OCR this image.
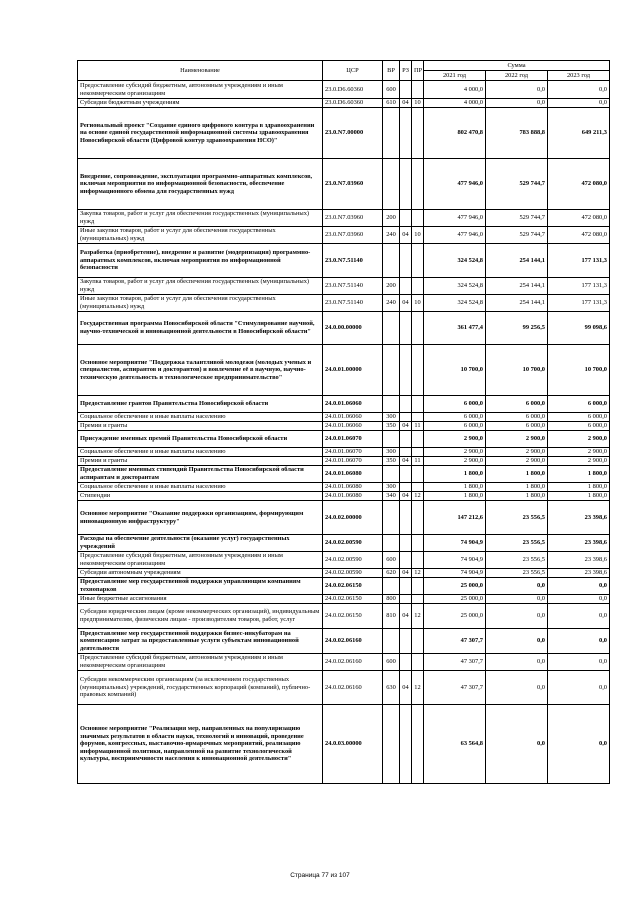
Наименование	ЦСР	ВР	РЗ	ПР	Сумма		
					2021 год	2022 год	2023 год
Предоставление субсидий бюджетным, автономным учреждениям и иным некоммерческим организациям	23.0.D6.60360	600			4 000,0	0,0	0,0
Субсидии бюджетным учреждениям	23.0.D6.60360	610	04	10	4 000,0	0,0	0,0
Региональный проект "Создание единого цифрового контура в здравоохранении на основе единой государственной информационной системы здравоохранения Новосибирской области (Цифровой контур здравоохранения НСО)"	23.0.N7.00000				802 470,8	783 888,8	649 211,3
Внедрение, сопровождение, эксплуатация программно-аппаратных комплексов, включая мероприятия по информационной безопасности, обеспечение информационного обмена для государственных нужд	23.0.N7.03960				477 946,0	529 744,7	472 080,0
Закупка товаров, работ и услуг для обеспечения государственных (муниципальных) нужд	23.0.N7.03960	200			477 946,0	529 744,7	472 080,0
Иные закупки товаров, работ и услуг для обеспечения государственных (муниципальных) нужд	23.0.N7.03960	240	04	10	477 946,0	529 744,7	472 080,0
Разработка (приобретение), внедрение и развитие (модернизация) программно-аппаратных комплексов, включая мероприятия по информационной безопасности	23.0.N7.51140				324 524,8	254 144,1	177 131,3
Закупка товаров, работ и услуг для обеспечения государственных (муниципальных) нужд	23.0.N7.51140	200			324 524,8	254 144,1	177 131,3
Иные закупки товаров, работ и услуг для обеспечения государственных (муниципальных) нужд	23.0.N7.51140	240	04	10	324 524,8	254 144,1	177 131,3
Государственная программа Новосибирской области "Стимулирование научной, научно-технической и инновационной деятельности в Новосибирской области"	24.0.00.00000				361 477,4	99 256,5	99 098,6
Основное мероприятие "Поддержка талантливой молодежи (молодых ученых и специалистов, аспирантов и докторантов) и вовлечение её в научную, научно-техническую деятельность и технологическое предпринимательство"	24.0.01.00000				10 700,0	10 700,0	10 700,0
Предоставление грантов Правительства Новосибирской области	24.0.01.06060				6 000,0	6 000,0	6 000,0
Социальное обеспечение и иные выплаты населению	24.0.01.06060	300			6 000,0	6 000,0	6 000,0
Премии и гранты	24.0.01.06060	350	04	11	6 000,0	6 000,0	6 000,0
Присуждение именных премий Правительства Новосибирской области	24.0.01.06070				2 900,0	2 900,0	2 900,0
Социальное обеспечение и иные выплаты населению	24.0.01.06070	300			2 900,0	2 900,0	2 900,0
Премии и гранты	24.0.01.06070	350	04	11	2 900,0	2 900,0	2 900,0
Предоставление именных стипендий Правительства Новосибирской области аспирантам и докторантам	24.0.01.06080				1 800,0	1 800,0	1 800,0
Социальное обеспечение и иные выплаты населению	24.0.01.06080	300			1 800,0	1 800,0	1 800,0
Стипендии	24.0.01.06080	340	04	12	1 800,0	1 800,0	1 800,0
Основное мероприятие "Оказание поддержки организациям, формирующим инновационную инфраструктуру"	24.0.02.00000				147 212,6	23 556,5	23 398,6
Расходы на обеспечение деятельности (оказание услуг) государственных учреждений	24.0.02.00590				74 904,9	23 556,5	23 398,6
Предоставление субсидий бюджетным, автономным учреждениям и иным некоммерческим организациям	24.0.02.00590	600			74 904,9	23 556,5	23 398,6
Субсидии автономным учреждениям	24.0.02.00590	620	04	12	74 904,9	23 556,5	23 398,6
Предоставление мер государственной поддержки управляющим компаниям технопарков	24.0.02.06150				25 000,0	0,0	0,0
Иные бюджетные ассигнования	24.0.02.06150	800			25 000,0	0,0	0,0
Субсидии юридическим лицам (кроме некоммерческих организаций), индивидуальным предпринимателям, физическим лицам - производителям товаров, работ, услуг	24.0.02.06150	810	04	12	25 000,0	0,0	0,0
Предоставление мер государственной поддержки бизнес-инкубаторам на компенсацию затрат за предоставленные услуги субъектам инновационной деятельности	24.0.02.06160				47 307,7	0,0	0,0
Предоставление субсидий бюджетным, автономным учреждениям и иным некоммерческим организациям	24.0.02.06160	600			47 307,7	0,0	0,0
Субсидии некоммерческим организациям (за исключением государственных (муниципальных) учреждений, государственных корпораций (компаний), публично-правовых компаний)	24.0.02.06160	630	04	12	47 307,7	0,0	0,0
Основное мероприятие "Реализация мер, направленных на популяризацию значимых результатов в области науки, технологий и инноваций, проведение форумов, конгрессных, выставочно-ярмарочных мероприятий, реализацию информационной политики, направленной на развитие технологической культуры, восприимчивости населения к инновационной деятельности"	24.0.03.00000				63 564,8	0,0	0,0
Страница 77 из 107
